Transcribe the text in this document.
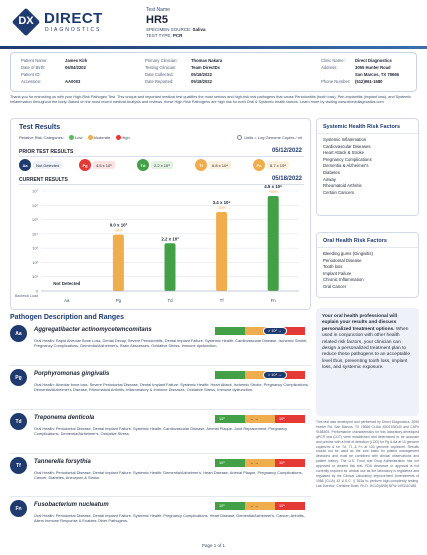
DX DIRECT
DIAGNOSTICS
Test Name
HR5
SPECIMEN SOURCE: Saliva
TEST TYPE: PCR
Patient Name:	James Kirk
Date of Birth:	06/04/2202
Patient ID:
Accession:	AA0003
Primary Clinician:	Thomas Nakara
Testing Clinician:	Team DirectDx
Date Collected:	05/18/2022
Date Reported:	05/18/2022
Clinic Name: Direct Diagnostics
Address:	3055 Hunter Road
San Marcos, TX 78666
Phone Number: (512)961-1680
Thank you for entrusting us with your High-Risk Pathogen Test. This unique and important medical test qualifies the most serious and high-risk oral pathogens that cause Periodontitis (tooth loss), Peri-implantitis (implant loss), and Systemic Inflammation throughout the body. Based on the most recent medical Analysis and reviews, these High Risk Pathogens are high risk for both Oral & Systemic health factors. Learn more by visiting www.directdiagnostics.com
Test Results
Relative Risk Categories:	Low	Moderate	High	Units = Log Genome Copies / ml
PRIOR TEST RESULTS	05/12/2022
Aa	Not Detected	Pg	4.5 x 10⁵	Td	2.2 x 10³	Tf	6.8 x 10⁴	Fn	8.7 x 10⁴
CURRENT RESULTS	05/18/2022
0
10¹
10²
10³
10⁴
10⁵
10⁶
10⁷
Bacterial Load
Not Detected
Aa
9.0 x 10³
-98%
Pg
2.2 x 10³
Td
3.4 x 10⁵
-50%
Tf
4.5 x 10⁶
+55%
Fn
Systemic Health Risk Factors
Systemic Inflammation
Cardiovascular Diseases
Heart Attack & Stroke
Pregnancy Complications
Dementia & Alzheimer's
Diabetes
Airway
Rheumatoid Arthritis
Certain Cancers
Oral Health Risk Factors
Bleeding gums (Gingivitis)
Periodontal Disease
Tooth loss
Implant Failure
Chronic Inflammation
Oral Cancer
Your oral health professional will explain your results and discuss personalized treatment options. When used in conjunction with other health related risk factors, your clinician can design a personalized treatment plan to reduce these pathogens to an acceptable level thus, preventing tooth loss, implant loss, and systemic exposure.
Pathogen Description and Ranges
Aa
Aggregatibacter actinomycetemcomitans	> 10² →
Oral Health: Rapid Alveolar Bone Loss, Dental Decay, Severe Periodontitis, Dental Implant Failure. Systemic Health: Cardiovascular Disease, Ischemic Stroke, Pregnancy Complications, Dementia/Alzheimer's, Brain Abscesses, Oxidative Stress, Immune dysfunction.
Pg
Porphyromonas gingivalis	> 10⁴ →
Oral Health: Alveolar bone loss, Severe Periodontal Disease, Dental Implant Failure. Systemic Health: Heart Attack, Ischemic Stroke, Pregnancy Complications, Dementia/Alzheimer's Disease, Rheumatoid Arthritis, Inflammatory & Immune Diseases, Oxidative Stress, Immune dysfunction.
Td
Treponema denticola	10³	10⁵
← →
Oral Health: Periodontal Disease, Dental Implant Failure. Systemic Health: Cardiovascular Disease, Arterial Plaque, Joint Replacement, Pregnancy Complications, Dementia/Alzheimer's, Oxidative Stress.
Tf
Tannerella forsythia	10³	10⁵
← →
Oral Health: Periodontal Disease, Dental Implant Failure. Systemic Health: Dementia/Alzheimer's, Heart Disease, Arterial Plaque, Pregnancy Complications, Cancer, Diabetes, Aneurysm & Stroke.
Fn
Fusobacterium nucleatum	10³	10⁵
← →
Oral Health: Periodontal Disease, Dental Implant Failure. Systemic Health: Pregnancy Complications, Heart Disease, Dementia/Alzheimer's, Cancer, Arthritis, Alters Immune Response & Enables Other Pathogens.
This test was developed and performed by Direct Diagnostics, 3055 Hunter Rd, San Marcos, TX 78666 CLIA# 45D2108340 and CAP# 9168305. Performance characteristics for this laboratory-developed qPCR test (LDT) were established and determined to be accurate and precise with a limit of detection (LOD) for Pg & Aa at 10 genome copies/ml & for Td, Tf, & Fn at 100 genome copies/ml. Results should not be used as the sole basis for patient management decisions and must be combined with clinical observations and patient history. The U.S. Food and Drug Administration has not approved or cleared this test. FDA clearance or approval is not currently required for clinical use as the laboratory is registered and regulated by the Clinical Laboratory Improvement Amendments of 1988 (CLIA) 42 U.S.C. § 263a to perform high-complexity testing. Lab Director: Christine Butel, Ph.D. HCLD(ABB) NPI# 1093110188
Page 1 of 1
